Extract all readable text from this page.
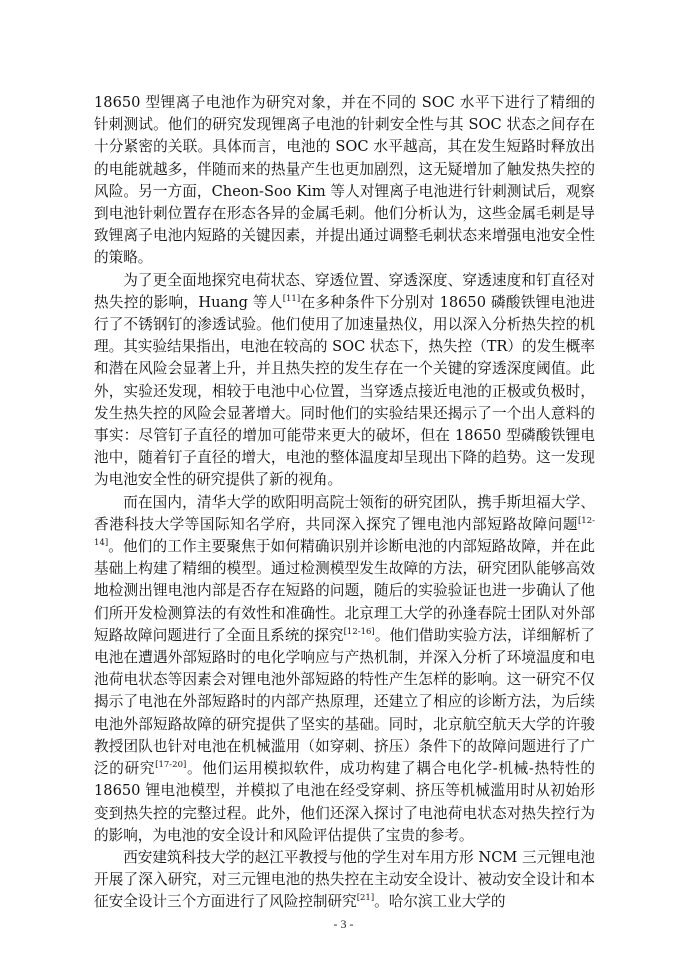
18650 型锂离子电池作为研究对象，并在不同的 SOC 水平下进行了精细的针刺测试。他们的研究发现锂离子电池的针刺安全性与其 SOC 状态之间存在十分紧密的关联。具体而言，电池的 SOC 水平越高，其在发生短路时释放出的电能就越多，伴随而来的热量产生也更加剧烈，这无疑增加了触发热失控的风险。另一方面，Cheon-Soo Kim 等人对锂离子电池进行针刺测试后，观察到电池针刺位置存在形态各异的金属毛刺。他们分析认为，这些金属毛刺是导致锂离子电池内短路的关键因素，并提出通过调整毛刺状态来增强电池安全性的策略。

为了更全面地探究电荷状态、穿透位置、穿透深度、穿透速度和钉直径对热失控的影响，Huang 等人[11]在多种条件下分别对 18650 磷酸铁锂电池进行了不锈钢钉的渗透试验。他们使用了加速量热仪，用以深入分析热失控的机理。其实验结果指出，电池在较高的 SOC 状态下，热失控（TR）的发生概率和潜在风险会显著上升，并且热失控的发生存在一个关键的穿透深度阈值。此外，实验还发现，相较于电池中心位置，当穿透点接近电池的正极或负极时，发生热失控的风险会显著增大。同时他们的实验结果还揭示了一个出人意料的事实：尽管钉子直径的增加可能带来更大的破坏，但在 18650 型磷酸铁锂电池中，随着钉子直径的增大，电池的整体温度却呈现出下降的趋势。这一发现为电池安全性的研究提供了新的视角。

而在国内，清华大学的欧阳明高院士领衔的研究团队，携手斯坦福大学、香港科技大学等国际知名学府，共同深入探究了锂电池内部短路故障问题[12-14]。他们的工作主要聚焦于如何精确识别并诊断电池的内部短路故障，并在此基础上构建了精细的模型。通过检测模型发生故障的方法，研究团队能够高效地检测出锂电池内部是否存在短路的问题，随后的实验验证也进一步确认了他们所开发检测算法的有效性和准确性。北京理工大学的孙逢春院士团队对外部短路故障问题进行了全面且系统的探究[12-16]。他们借助实验方法，详细解析了电池在遭遇外部短路时的电化学响应与产热机制，并深入分析了环境温度和电池荷电状态等因素会对锂电池外部短路的特性产生怎样的影响。这一研究不仅揭示了电池在外部短路时的内部产热原理，还建立了相应的诊断方法，为后续电池外部短路故障的研究提供了坚实的基础。同时，北京航空航天大学的许骏教授团队也针对电池在机械滥用（如穿刺、挤压）条件下的故障问题进行了广泛的研究[17-20]。他们运用模拟软件，成功构建了耦合电化学-机械-热特性的 18650 锂电池模型，并模拟了电池在经受穿刺、挤压等机械滥用时从初始形变到热失控的完整过程。此外，他们还深入探讨了电池荷电状态对热失控行为的影响，为电池的安全设计和风险评估提供了宝贵的参考。

西安建筑科技大学的赵江平教授与他的学生对车用方形 NCM 三元锂电池开展了深入研究，对三元锂电池的热失控在主动安全设计、被动安全设计和本征安全设计三个方面进行了风险控制研究[21]。哈尔滨工业大学的

- 3 -
